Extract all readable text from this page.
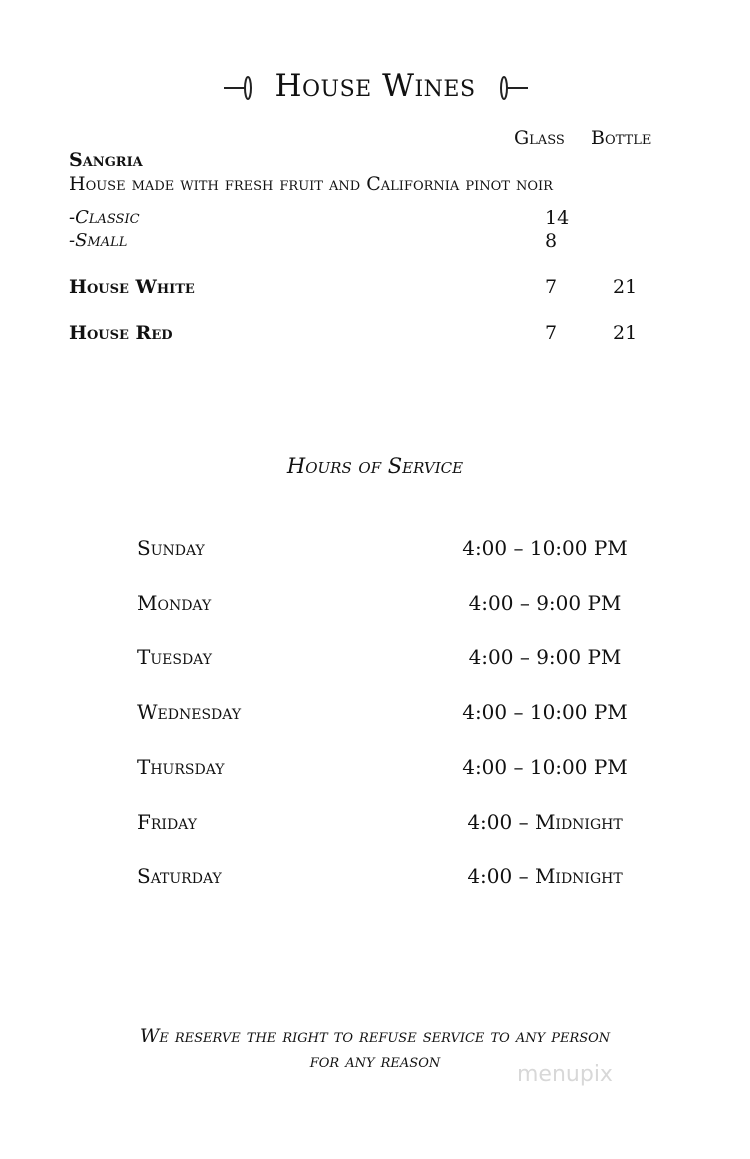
House Wines
Glass Bottle
Sangria
House made with fresh fruit and California pinot noir
-Classic	14
-Small	8
House White	7	21
House Red	7	21
Hours of Service
Sunday	4:00 – 10:00 PM
Monday	4:00 – 9:00 PM
Tuesday	4:00 – 9:00 PM
Wednesday	4:00 – 10:00 PM
Thursday	4:00 – 10:00 PM
Friday	4:00 – Midnight
Saturday	4:00 – Midnight
We reserve the right to refuse service to any person
for any reason
menupix
